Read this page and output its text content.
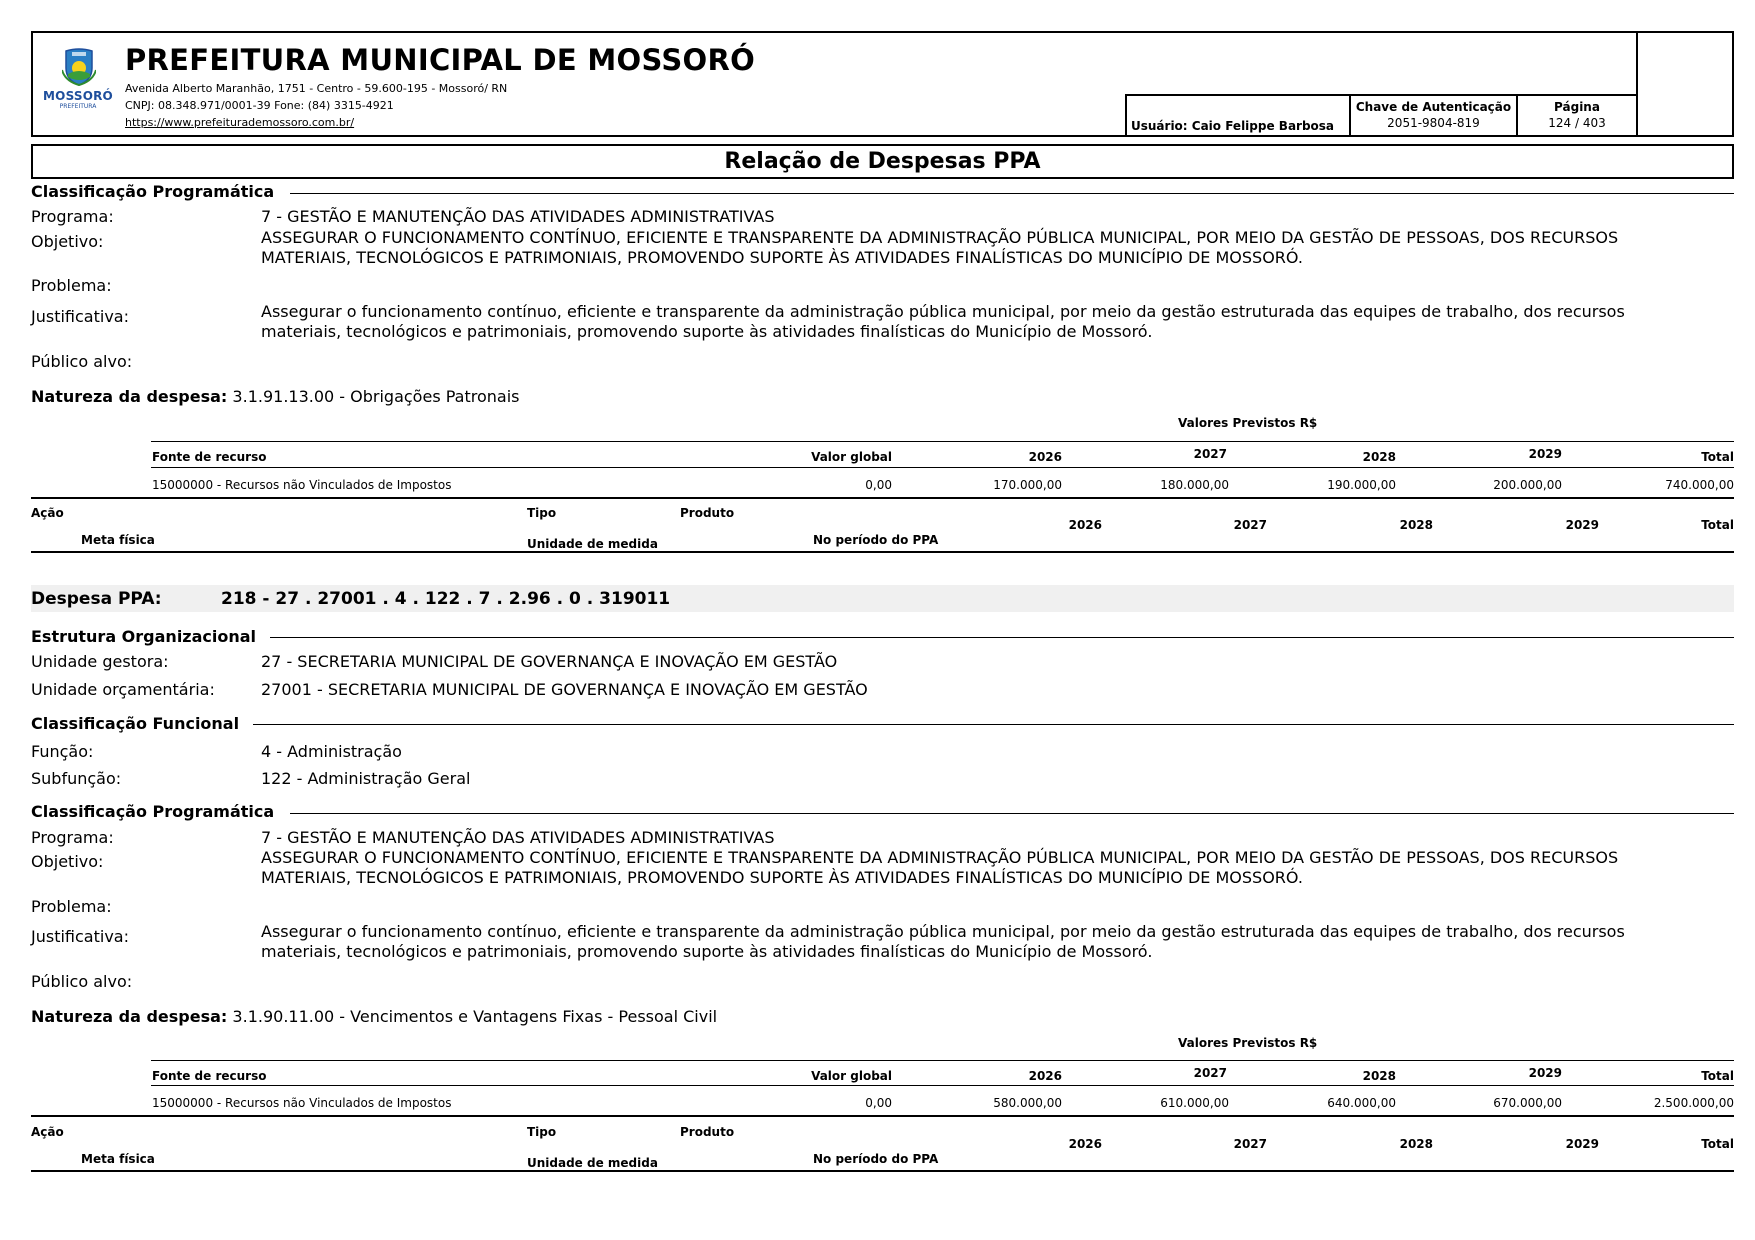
MOSSORÓ
PREFEITURA
PREFEITURA MUNICIPAL DE MOSSORÓ
Avenida Alberto Maranhão, 1751 - Centro - 59.600-195 - Mossoró/ RN
CNPJ: 08.348.971/0001-39 Fone: (84) 3315-4921
https://www.prefeiturademossoro.com.br/	Usuário: Caio Felippe Barbosa
Chave de Autenticação
2051-9804-819
Página
124 / 403
Relação de Despesas PPA
Classificação Programática
Programa:	7 - GESTÃO E MANUTENÇÃO DAS ATIVIDADES ADMINISTRATIVAS
Objetivo:	ASSEGURAR O FUNCIONAMENTO CONTÍNUO, EFICIENTE E TRANSPARENTE DA ADMINISTRAÇÃO PÚBLICA MUNICIPAL, POR MEIO DA GESTÃO DE PESSOAS, DOS RECURSOS MATERIAIS, TECNOLÓGICOS E PATRIMONIAIS, PROMOVENDO SUPORTE ÀS ATIVIDADES FINALÍSTICAS DO MUNICÍPIO DE MOSSORÓ.
Problema:
Justificativa:	Assegurar o funcionamento contínuo, eficiente e transparente da administração pública municipal, por meio da gestão estruturada das equipes de trabalho, dos recursos materiais, tecnológicos e patrimoniais, promovendo suporte às atividades finalísticas do Município de Mossoró.
Público alvo:
Natureza da despesa: 3.1.91.13.00 - Obrigações Patronais
Valores Previstos R$
Fonte de recurso	Valor global	2026	2027	2028	2029	Total
15000000 - Recursos não Vinculados de Impostos	0,00	170.000,00	180.000,00	190.000,00	200.000,00	740.000,00
Ação	Tipo	Produto
Meta física	Unidade de medida	No período do PPA
2026	2027	2028	2029	Total
Despesa PPA:	218 - 27 . 27001 . 4 . 122 . 7 . 2.96 . 0 . 319011
Estrutura Organizacional
Unidade gestora:	27 - SECRETARIA MUNICIPAL DE GOVERNANÇA E INOVAÇÃO EM GESTÃO
Unidade orçamentária:	27001 - SECRETARIA MUNICIPAL DE GOVERNANÇA E INOVAÇÃO EM GESTÃO
Classificação Funcional
Função:	4 - Administração
Subfunção:	122 - Administração Geral
Classificação Programática
Programa:	7 - GESTÃO E MANUTENÇÃO DAS ATIVIDADES ADMINISTRATIVAS
Objetivo:	ASSEGURAR O FUNCIONAMENTO CONTÍNUO, EFICIENTE E TRANSPARENTE DA ADMINISTRAÇÃO PÚBLICA MUNICIPAL, POR MEIO DA GESTÃO DE PESSOAS, DOS RECURSOS MATERIAIS, TECNOLÓGICOS E PATRIMONIAIS, PROMOVENDO SUPORTE ÀS ATIVIDADES FINALÍSTICAS DO MUNICÍPIO DE MOSSORÓ.
Problema:
Justificativa:	Assegurar o funcionamento contínuo, eficiente e transparente da administração pública municipal, por meio da gestão estruturada das equipes de trabalho, dos recursos materiais, tecnológicos e patrimoniais, promovendo suporte às atividades finalísticas do Município de Mossoró.
Público alvo:
Natureza da despesa: 3.1.90.11.00 - Vencimentos e Vantagens Fixas - Pessoal Civil
Valores Previstos R$
Fonte de recurso	Valor global	2026	2027	2028	2029	Total
15000000 - Recursos não Vinculados de Impostos	0,00	580.000,00	610.000,00	640.000,00	670.000,00	2.500.000,00
Ação	Tipo	Produto
Meta física	Unidade de medida	No período do PPA
2026	2027	2028	2029	Total
